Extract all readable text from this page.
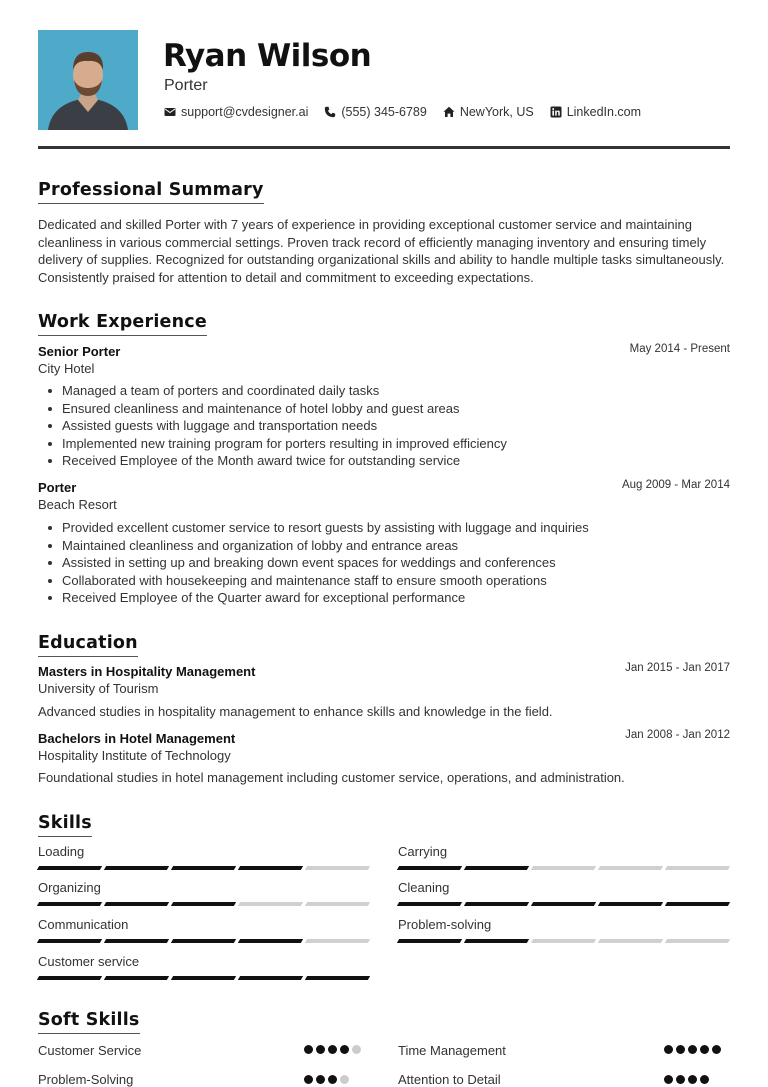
Ryan Wilson
Porter
support@cvdesigner.ai	(555) 345-6789	NewYork, US	LinkedIn.com
Professional Summary
Dedicated and skilled Porter with 7 years of experience in providing exceptional customer service and maintaining cleanliness in various commercial settings. Proven track record of efficiently managing inventory and ensuring timely delivery of supplies. Recognized for outstanding organizational skills and ability to handle multiple tasks simultaneously. Consistently praised for attention to detail and commitment to exceeding expectations.
Work Experience
Senior Porter	May 2014 - Present
City Hotel
Managed a team of porters and coordinated daily tasks
Ensured cleanliness and maintenance of hotel lobby and guest areas
Assisted guests with luggage and transportation needs
Implemented new training program for porters resulting in improved efficiency
Received Employee of the Month award twice for outstanding service
Porter	Aug 2009 - Mar 2014
Beach Resort
Provided excellent customer service to resort guests by assisting with luggage and inquiries
Maintained cleanliness and organization of lobby and entrance areas
Assisted in setting up and breaking down event spaces for weddings and conferences
Collaborated with housekeeping and maintenance staff to ensure smooth operations
Received Employee of the Quarter award for exceptional performance
Education
Masters in Hospitality Management	Jan 2015 - Jan 2017
University of Tourism
Advanced studies in hospitality management to enhance skills and knowledge in the field.
Bachelors in Hotel Management	Jan 2008 - Jan 2012
Hospitality Institute of Technology
Foundational studies in hotel management including customer service, operations, and administration.
Skills
Loading	Carrying
Organizing	Cleaning
Communication	Problem-solving
Customer service
Soft Skills
Customer Service	Time Management
Problem-Solving	Attention to Detail
